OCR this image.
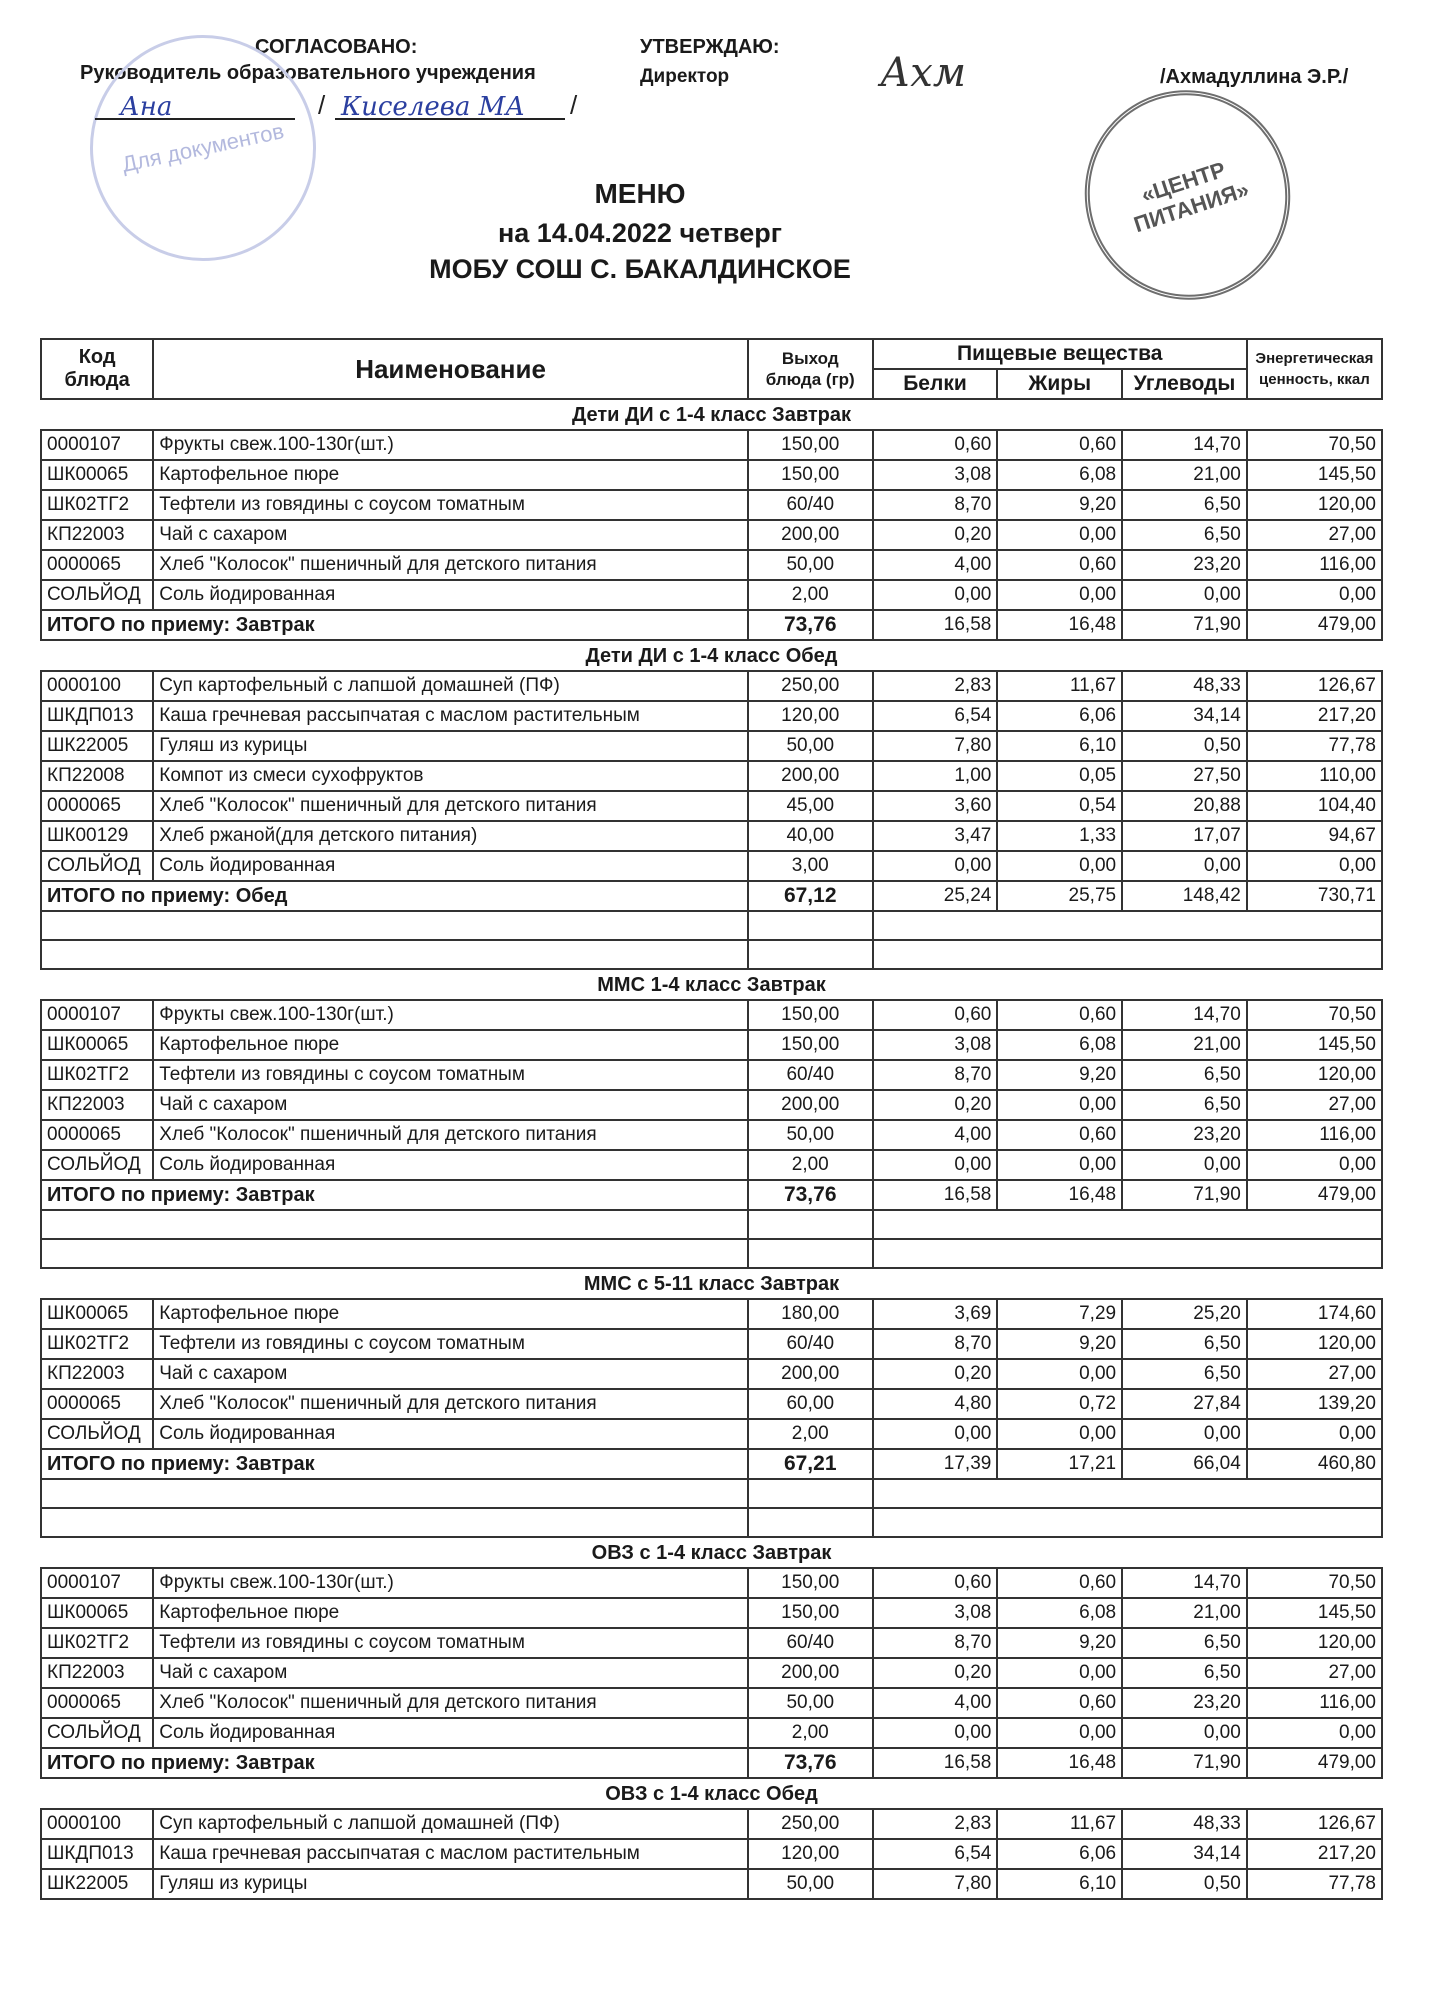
СОГЛАСОВАНО:
Руководитель образовательного учреждения
Для документов
Ана	/ Киселева МА	/
УТВЕРЖДАЮ:
Директор	Ахм	/Ахмадуллина Э.Р./
«ЦЕНТР ПИТАНИЯ»
МЕНЮ
на 14.04.2022 четверг
МОБУ СОШ С. БАКАЛДИНСКОЕ
Код блюда	Наименование	Выход блюда (гр)	Пищевые вещества			Энергетическая ценность, ккал
			Белки	Жиры	Углеводы	
Дети ДИ с 1-4 класс Завтрак						
0000107	Фрукты свеж.100-130г(шт.)	150,00	0,60	0,60	14,70	70,50
ШК00065	Картофельное пюре	150,00	3,08	6,08	21,00	145,50
ШК02ТГ2	Тефтели из говядины с соусом томатным	60/40	8,70	9,20	6,50	120,00
КП22003	Чай с сахаром	200,00	0,20	0,00	6,50	27,00
0000065	Хлеб "Колосок" пшеничный для детского питания	50,00	4,00	0,60	23,20	116,00
СОЛЬЙОД	Соль йодированная	2,00	0,00	0,00	0,00	0,00
ИТОГО по приему: Завтрак		73,76	16,58	16,48	71,90	479,00
Дети ДИ с 1-4 класс Обед						
0000100	Суп картофельный с лапшой домашней (ПФ)	250,00	2,83	11,67	48,33	126,67
ШКДП013	Каша гречневая рассыпчатая с маслом растительным	120,00	6,54	6,06	34,14	217,20
ШК22005	Гуляш из курицы	50,00	7,80	6,10	0,50	77,78
КП22008	Компот из смеси сухофруктов	200,00	1,00	0,05	27,50	110,00
0000065	Хлеб "Колосок" пшеничный для детского питания	45,00	3,60	0,54	20,88	104,40
ШК00129	Хлеб ржаной(для детского питания)	40,00	3,47	1,33	17,07	94,67
СОЛЬЙОД	Соль йодированная	3,00	0,00	0,00	0,00	0,00
ИТОГО по приему: Обед		67,12	25,24	25,75	148,42	730,71

ММС 1-4 класс Завтрак						
0000107	Фрукты свеж.100-130г(шт.)	150,00	0,60	0,60	14,70	70,50
ШК00065	Картофельное пюре	150,00	3,08	6,08	21,00	145,50
ШК02ТГ2	Тефтели из говядины с соусом томатным	60/40	8,70	9,20	6,50	120,00
КП22003	Чай с сахаром	200,00	0,20	0,00	6,50	27,00
0000065	Хлеб "Колосок" пшеничный для детского питания	50,00	4,00	0,60	23,20	116,00
СОЛЬЙОД	Соль йодированная	2,00	0,00	0,00	0,00	0,00
ИТОГО по приему: Завтрак		73,76	16,58	16,48	71,90	479,00

ММС с 5-11 класс Завтрак						
ШК00065	Картофельное пюре	180,00	3,69	7,29	25,20	174,60
ШК02ТГ2	Тефтели из говядины с соусом томатным	60/40	8,70	9,20	6,50	120,00
КП22003	Чай с сахаром	200,00	0,20	0,00	6,50	27,00
0000065	Хлеб "Колосок" пшеничный для детского питания	60,00	4,80	0,72	27,84	139,20
СОЛЬЙОД	Соль йодированная	2,00	0,00	0,00	0,00	0,00
ИТОГО по приему: Завтрак		67,21	17,39	17,21	66,04	460,80

ОВЗ с 1-4 класс Завтрак						
0000107	Фрукты свеж.100-130г(шт.)	150,00	0,60	0,60	14,70	70,50
ШК00065	Картофельное пюре	150,00	3,08	6,08	21,00	145,50
ШК02ТГ2	Тефтели из говядины с соусом томатным	60/40	8,70	9,20	6,50	120,00
КП22003	Чай с сахаром	200,00	0,20	0,00	6,50	27,00
0000065	Хлеб "Колосок" пшеничный для детского питания	50,00	4,00	0,60	23,20	116,00
СОЛЬЙОД	Соль йодированная	2,00	0,00	0,00	0,00	0,00
ИТОГО по приему: Завтрак		73,76	16,58	16,48	71,90	479,00
ОВЗ с 1-4 класс Обед						
0000100	Суп картофельный с лапшой домашней (ПФ)	250,00	2,83	11,67	48,33	126,67
ШКДП013	Каша гречневая рассыпчатая с маслом растительным	120,00	6,54	6,06	34,14	217,20
ШК22005	Гуляш из курицы	50,00	7,80	6,10	0,50	77,78
